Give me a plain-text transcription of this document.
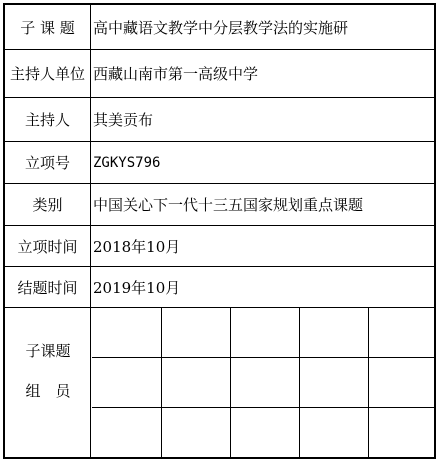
子 课 题	高中藏语文教学中分层教学法的实施研
主持人单位 西藏山南市第一高级中学
主持人	其美贡布
立项号	ZGKYS796
类别	中国关心下一代十三五国家规划重点课题
立项时间	2018年10月
结题时间	2019年10月
子课题
组　员
